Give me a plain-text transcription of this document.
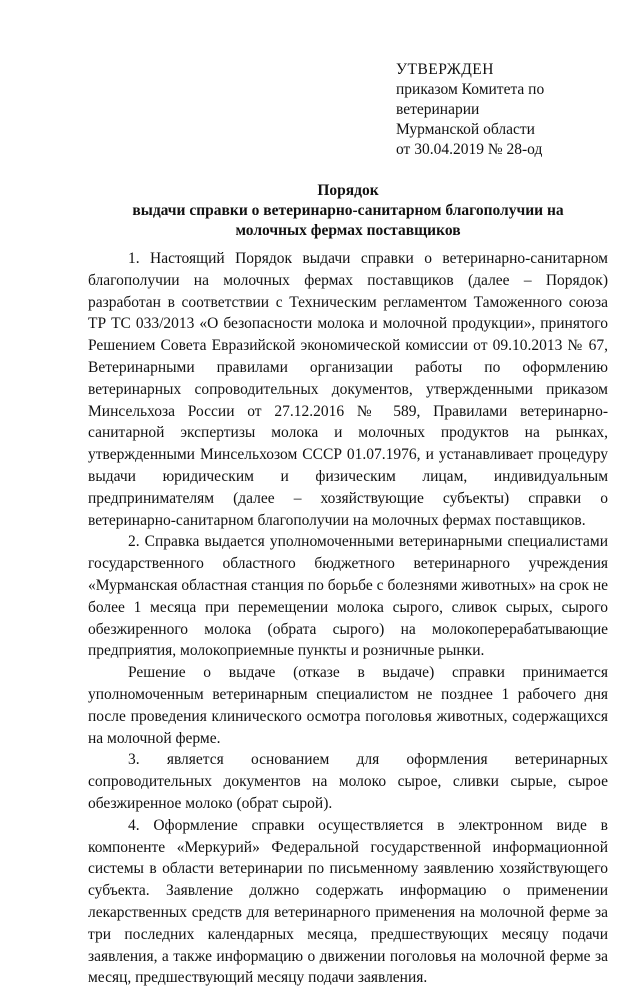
УТВЕРЖДЕН
приказом Комитета по
ветеринарии
Мурманской области
от 30.04.2019 № 28-од
Порядок
выдачи справки о ветеринарно-санитарном благополучии на молочных фермах поставщиков

1. Настоящий Порядок выдачи справки о ветеринарно-санитарном благополучии на молочных фермах поставщиков (далее – Порядок) разработан в соответствии с Техническим регламентом Таможенного союза ТР ТС 033/2013 «О безопасности молока и молочной продукции», принятого Решением Совета Евразийской экономической комиссии от 09.10.2013 № 67, Ветеринарными правилами организации работы по оформлению ветеринарных сопроводительных документов, утвержденными приказом Минсельхоза России от 27.12.2016 № 589, Правилами ветеринарно-санитарной экспертизы молока и молочных продуктов на рынках, утвержденными Минсельхозом СССР 01.07.1976, и устанавливает процедуру выдачи юридическим и физическим лицам, индивидуальным предпринимателям (далее – хозяйствующие субъекты) справки о ветеринарно-санитарном благополучии на молочных фермах поставщиков.

2. Справка выдается уполномоченными ветеринарными специалистами государственного областного бюджетного ветеринарного учреждения «Мурманская областная станция по борьбе с болезнями животных» на срок не более 1 месяца при перемещении молока сырого, сливок сырых, сырого обезжиренного молока (обрата сырого) на молокоперерабатывающие предприятия, молокоприемные пункты и розничные рынки.

Решение о выдаче (отказе в выдаче) справки принимается уполномоченным ветеринарным специалистом не позднее 1 рабочего дня после проведения клинического осмотра поголовья животных, содержащихся на молочной ферме.

3. является основанием для оформления ветеринарных сопроводительных документов на молоко сырое, сливки сырые, сырое обезжиренное молоко (обрат сырой).

4. Оформление справки осуществляется в электронном виде в компоненте «Меркурий» Федеральной государственной информационной системы в области ветеринарии по письменному заявлению хозяйствующего субъекта. Заявление должно содержать информацию о применении лекарственных средств для ветеринарного применения на молочной ферме за три последних календарных месяца, предшествующих месяцу подачи заявления, а также информацию о движении поголовья на молочной ферме за месяц, предшествующий месяцу подачи заявления.
